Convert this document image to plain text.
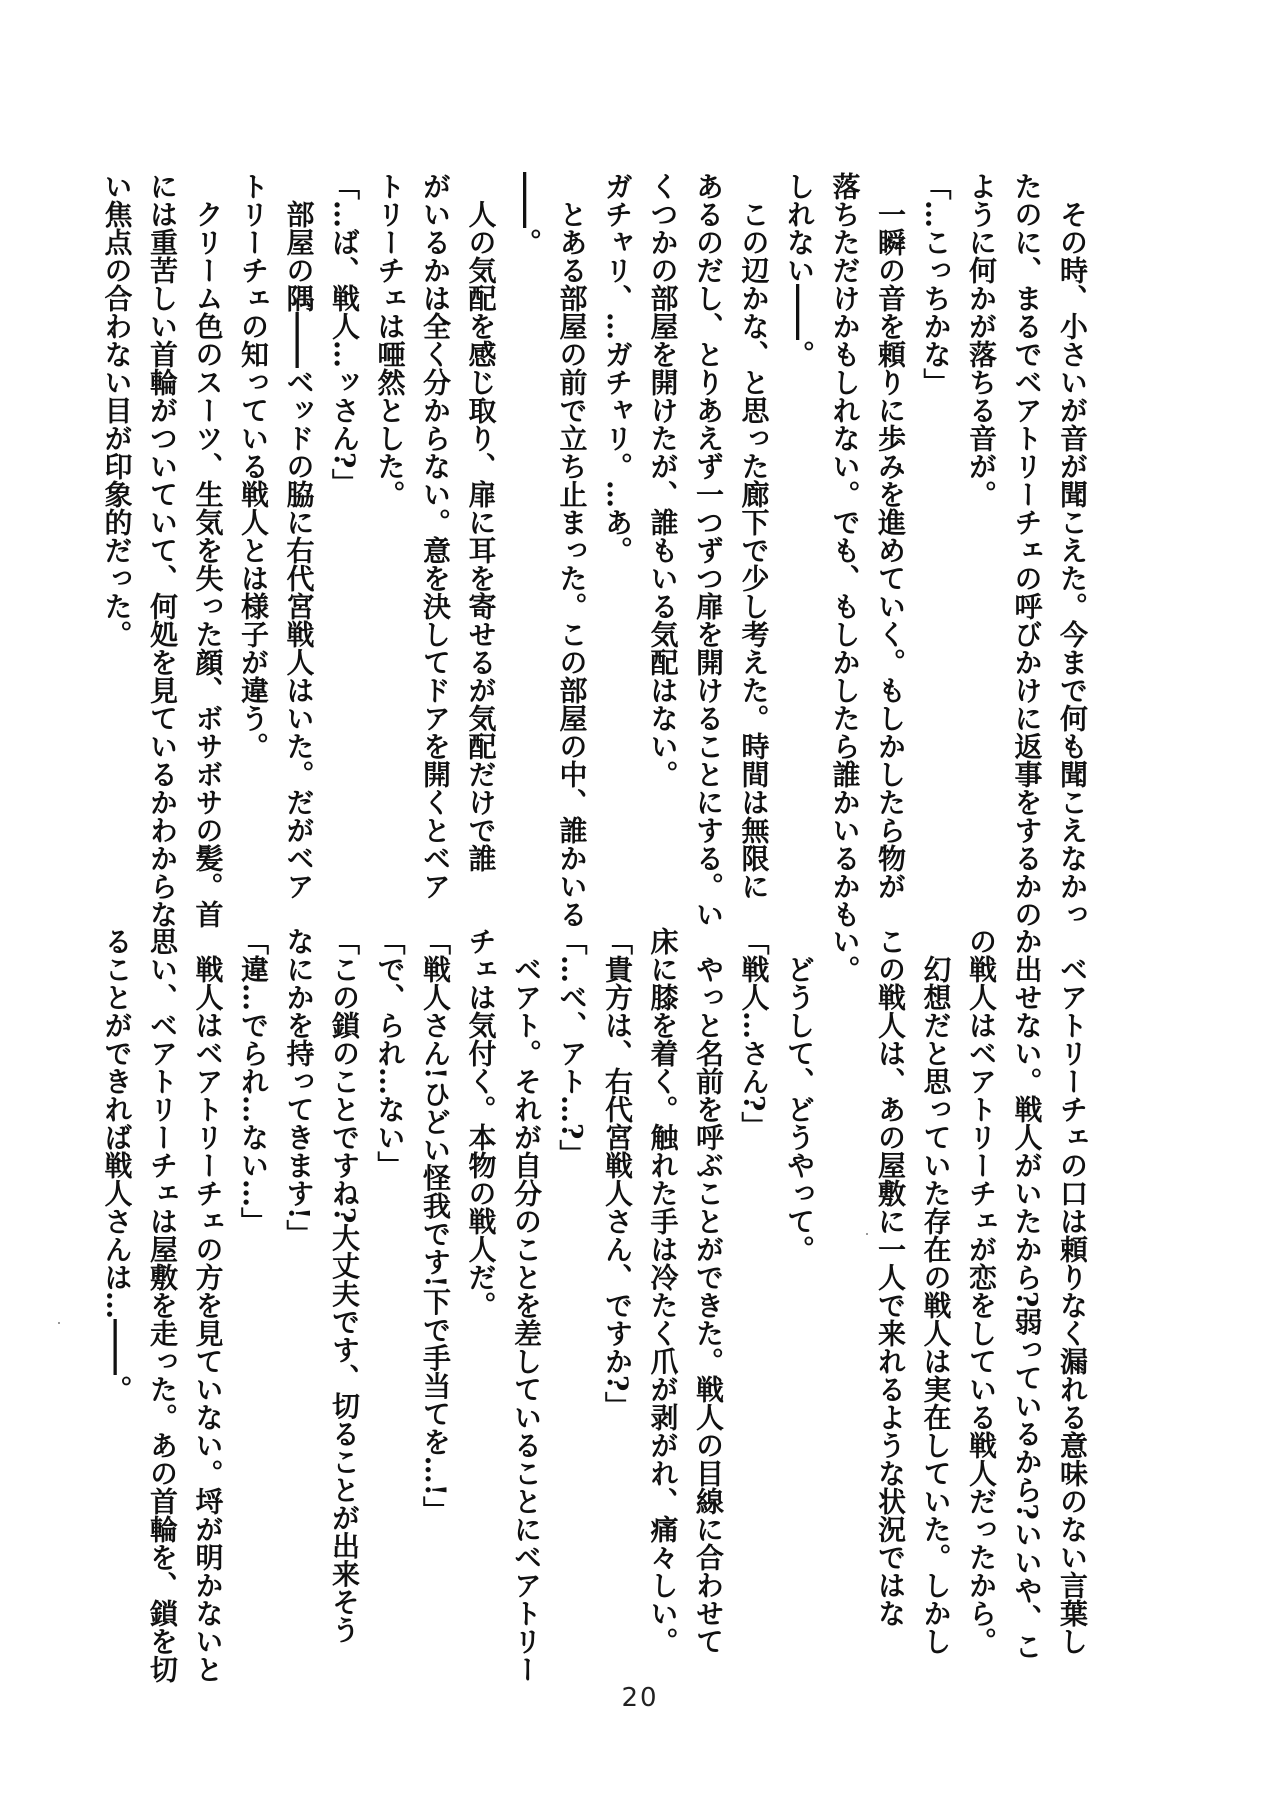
　その時、小さいが音が聞こえた。今まで何も聞こえなかっ
たのに、まるでベアトリーチェの呼びかけに返事をするかの
ように何かが落ちる音が。
「…こっちかな」
　一瞬の音を頼りに歩みを進めていく。もしかしたら物が
落ちただけかもしれない。でも、もしかしたら誰かいるかも
しれない――。
　この辺かな、と思った廊下で少し考えた。時間は無限に
あるのだし、とりあえず一つずつ扉を開けることにする。い
くつかの部屋を開けたが、誰もいる気配はない。
ガチャリ、…ガチャリ。…あ。
　とある部屋の前で立ち止まった。この部屋の中、誰かいる
――。
　人の気配を感じ取り、扉に耳を寄せるが気配だけで誰
がいるかは全く分からない。意を決してドアを開くとベア
トリーチェは唖然とした。
「…ば、戦人…ッさん?」
　部屋の隅――ベッドの脇に右代宮戦人はいた。だがベア
トリーチェの知っている戦人とは様子が違う。
　クリーム色のスーツ、生気を失った顔、ボサボサの髪。首
には重苦しい首輪がついていて、何処を見ているかわからな
い焦点の合わない目が印象的だった。
　ベアトリーチェの口は頼りなく漏れる意味のない言葉し
か出せない。戦人がいたから?弱っているから?いいや、こ
の戦人はベアトリーチェが恋をしている戦人だったから。
　幻想だと思っていた存在の戦人は実在していた。しかし
この戦人は、あの屋敷に一人で来れるような状況ではな
い。
　どうして、どうやって。
「戦人…さん?」
　やっと名前を呼ぶことができた。戦人の目線に合わせて
床に膝を着く。触れた手は冷たく爪が剥がれ、痛々しい。
「貴方は、右代宮戦人さん、ですか?」
「…べ、アト…?」
　ベアト。それが自分のことを差していることにベアトリー
チェは気付く。本物の戦人だ。
「戦人さん!ひどい怪我です!下で手当てを…!」
「で、られ…ない」
「この鎖のことですね?大丈夫です、切ることが出来そう
なにかを持ってきます!」
「違…でられ…ない…」
　戦人はベアトリーチェの方を見ていない。埒が明かないと
思い、ベアトリーチェは屋敷を走った。あの首輪を、鎖を切
ることができれば戦人さんは…――。
20
